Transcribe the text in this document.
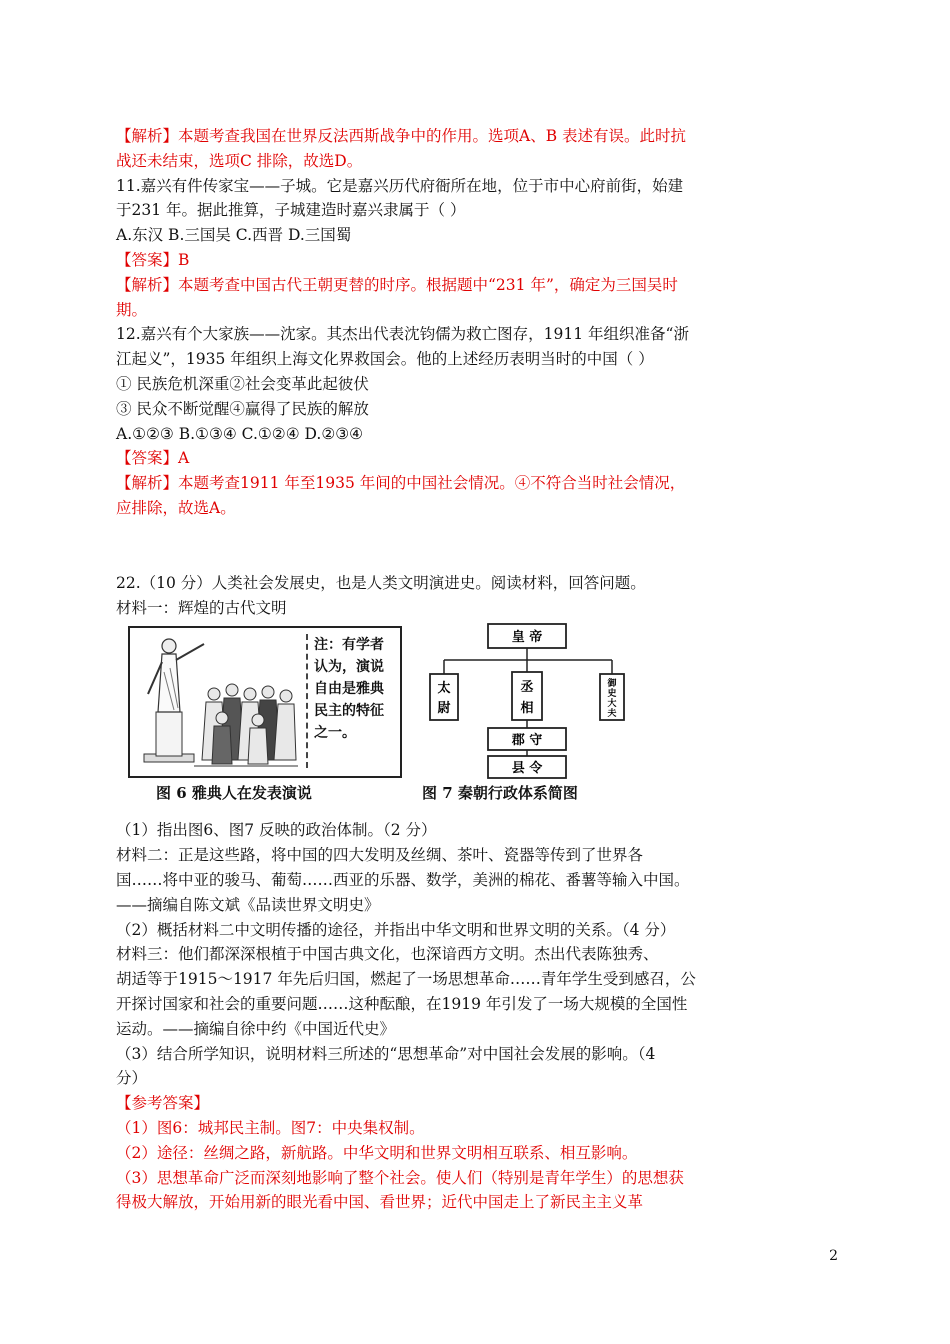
【解析】本题考查我国在世界反法西斯战争中的作用。选项A、B 表述有误。此时抗
战还未结束，选项C 排除，故选D。
11.嘉兴有件传家宝——子城。它是嘉兴历代府衙所在地，位于市中心府前街，始建
于231 年。据此推算，子城建造时嘉兴隶属于（ ）
A.东汉 B.三国吴 C.西晋 D.三国蜀
【答案】B
【解析】本题考查中国古代王朝更替的时序。根据题中“231 年”，确定为三国吴时
期。
12.嘉兴有个大家族——沈家。其杰出代表沈钧儒为救亡图存，1911 年组织准备“浙
江起义”，1935 年组织上海文化界救国会。他的上述经历表明当时的中国（ ）
① 民族危机深重②社会变革此起彼伏
③ 民众不断觉醒④赢得了民族的解放
A.①②③ B.①③④ C.①②④ D.②③④
【答案】A
【解析】本题考查1911 年至1935 年间的中国社会情况。④不符合当时社会情况，
应排除，故选A。
22.（10 分）人类社会发展史，也是人类文明演进史。阅读材料，回答问题。
材料一：辉煌的古代文明
注：有学者认为，演说自由是雅典民主的特征之一。
图 6 雅典人在发表演说
皇 帝
太
尉
丞
相
御
史
大
夫
郡 守
县 令
图 7 秦朝行政体系简图
（1）指出图6、图7 反映的政治体制。（2 分）
材料二：正是这些路，将中国的四大发明及丝绸、茶叶、瓷器等传到了世界各
国……将中亚的骏马、葡萄……西亚的乐器、数学，美洲的棉花、番薯等输入中国。
——摘编自陈文斌《品读世界文明史》
（2）概括材料二中文明传播的途径，并指出中华文明和世界文明的关系。（4 分）
材料三：他们都深深根植于中国古典文化，也深谙西方文明。杰出代表陈独秀、
胡适等于1915～1917 年先后归国，燃起了一场思想革命……青年学生受到感召，公
开探讨国家和社会的重要问题……这种酝酿，在1919 年引发了一场大规模的全国性
运动。——摘编自徐中约《中国近代史》
（3）结合所学知识，说明材料三所述的“思想革命”对中国社会发展的影响。（4
分）
【参考答案】
（1）图6：城邦民主制。图7：中央集权制。
（2）途径：丝绸之路，新航路。中华文明和世界文明相互联系、相互影响。
（3）思想革命广泛而深刻地影响了整个社会。使人们（特别是青年学生）的思想获
得极大解放，开始用新的眼光看中国、看世界；近代中国走上了新民主主义革
2
